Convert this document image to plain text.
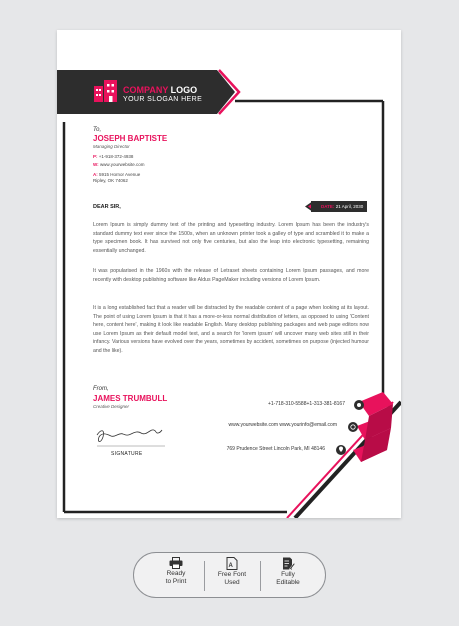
COMPANY LOGO
YOUR SLOGAN HERE
To,
JOSEPH BAPTISTE
Managing Director
P: +1-918-372-4938
W: www.yourwebsite.com
A: 5915 Hornor Avenue
Ripley, OK 74062
DATE: 21 April, 2030
DEAR SIR,

Lorem Ipsum is simply dummy text of the printing and typesetting industry. Lorem Ipsum has been the industry's standard dummy text ever since the 1500s, when an unknown printer took a galley of type and scrambled it to make a type specimen book. It has survived not only five centuries, but also the leap into electronic typesetting, remaining essentially unchanged.

It was popularised in the 1960s with the release of Letraset sheets containing Lorem Ipsum passages, and more recently with desktop publishing software like Aldus PageMaker including versions of Lorem Ipsum.

It is a long established fact that a reader will be distracted by the readable content of a page when looking at its layout. The point of using Lorem Ipsum is that it has a more-or-less normal distribution of letters, as opposed to using 'Content here, content here', making it look like readable English. Many desktop publishing packages and web page editors now use Lorem Ipsum as their default model text, and a search for 'lorem ipsum' will uncover many web sites still in their infancy. Various versions have evolved over the years, sometimes by accident, sometimes on purpose (injected humour and the like).

From,
JAMES TRUMBULL
Creative Designer
SIGNATURE
+1-718-310-5588+1-313-381-8167
www.yourwebsite.com www.yourinfo@email.com
769 Prudence Street Lincoln Park, MI 48146
Ready
to Print
A
Free Font
Used
Fully
Editable
